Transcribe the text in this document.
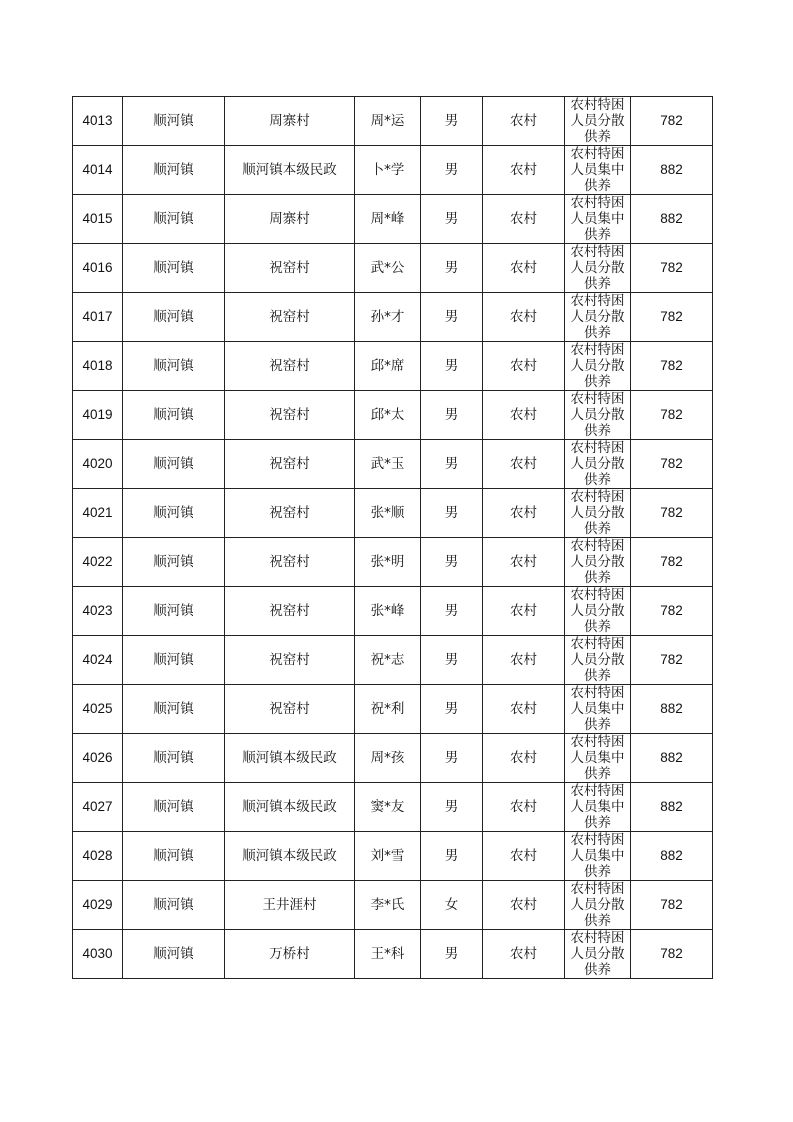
4013	顺河镇	周寨村	周*运	男	农村	农村特困人员分散供养	782
4014	顺河镇	顺河镇本级民政	卜*学	男	农村	农村特困人员集中供养	882
4015	顺河镇	周寨村	周*峰	男	农村	农村特困人员集中供养	882
4016	顺河镇	祝窑村	武*公	男	农村	农村特困人员分散供养	782
4017	顺河镇	祝窑村	孙*才	男	农村	农村特困人员分散供养	782
4018	顺河镇	祝窑村	邱*席	男	农村	农村特困人员分散供养	782
4019	顺河镇	祝窑村	邱*太	男	农村	农村特困人员分散供养	782
4020	顺河镇	祝窑村	武*玉	男	农村	农村特困人员分散供养	782
4021	顺河镇	祝窑村	张*顺	男	农村	农村特困人员分散供养	782
4022	顺河镇	祝窑村	张*明	男	农村	农村特困人员分散供养	782
4023	顺河镇	祝窑村	张*峰	男	农村	农村特困人员分散供养	782
4024	顺河镇	祝窑村	祝*志	男	农村	农村特困人员分散供养	782
4025	顺河镇	祝窑村	祝*利	男	农村	农村特困人员集中供养	882
4026	顺河镇	顺河镇本级民政	周*孩	男	农村	农村特困人员集中供养	882
4027	顺河镇	顺河镇本级民政	窦*友	男	农村	农村特困人员集中供养	882
4028	顺河镇	顺河镇本级民政	刘*雪	男	农村	农村特困人员集中供养	882
4029	顺河镇	王井涯村	李*氏	女	农村	农村特困人员分散供养	782
4030	顺河镇	万桥村	王*科	男	农村	农村特困人员分散供养	782
